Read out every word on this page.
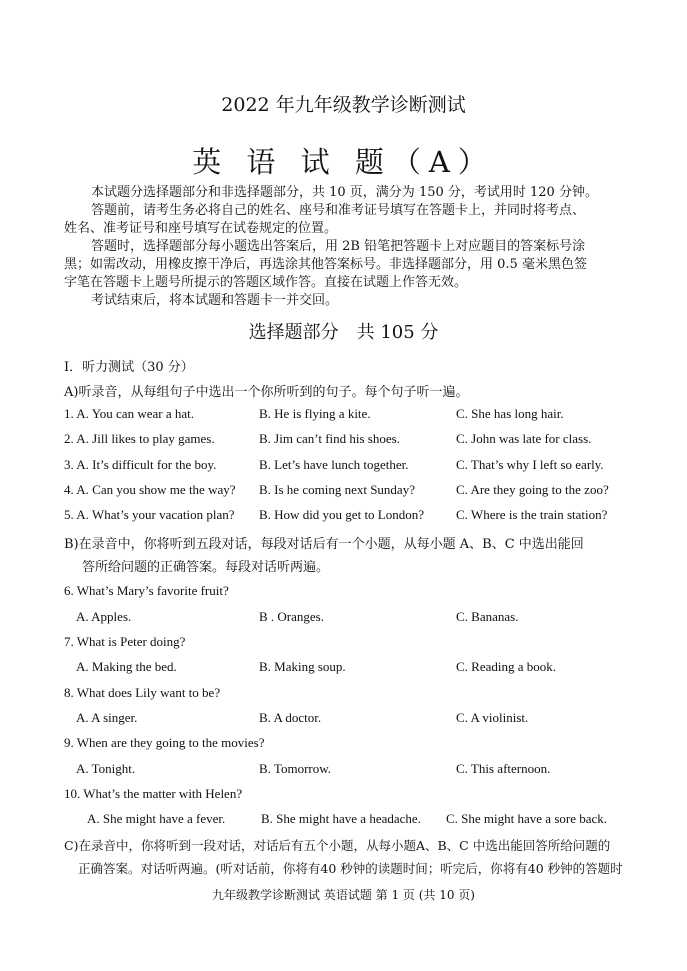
2022 年九年级教学诊断测试
英 语 试 题（A）
本试题分选择题部分和非选择题部分，共 10 页，满分为 150 分，考试用时 120 分钟。
答题前，请考生务必将自己的姓名、座号和准考证号填写在答题卡上，并同时将考点、
姓名、准考证号和座号填写在试卷规定的位置。
答题时，选择题部分每小题选出答案后，用 2B 铅笔把答题卡上对应题目的答案标号涂
黑；如需改动，用橡皮擦干净后，再选涂其他答案标号。非选择题部分，用 0.5 毫米黑色签
字笔在答题卡上题号所提示的答题区域作答。直接在试题上作答无效。
考试结束后，将本试题和答题卡一并交回。
选择题部分　共 105 分
I．听力测试（30 分）
A)听录音，从每组句子中选出一个你所听到的句子。每个句子听一遍。
1. A. You can wear a hat.	B. He is flying a kite.	C. She has long hair.
2. A. Jill likes to play games.	B. Jim can’t find his shoes.	C. John was late for class.
3. A. It’s difficult for the boy.	B. Let’s have lunch together.	C. That’s why I left so early.
4. A. Can you show me the way? B. Is he coming next Sunday?	C. Are they going to the zoo?
5. A. What’s your vacation plan? B. How did you get to London? C. Where is the train station?
B)在录音中，你将听到五段对话，每段对话后有一个小题，从每小题 A、B、C 中选出能回
答所给问题的正确答案。每段对话听两遍。
6. What’s Mary’s favorite fruit?
A. Apples.	B . Oranges.	C. Bananas.
7. What is Peter doing?
A. Making the bed.	B. Making soup.	C. Reading a book.
8. What does Lily want to be?
A. A singer.	B. A doctor.	C. A violinist.
9. When are they going to the movies?
A. Tonight.	B. Tomorrow.	C. This afternoon.
10. What’s the matter with Helen?
A. She might have a fever.	B. She might have a headache. C. She might have a sore back.
C)在录音中，你将听到一段对话，对话后有五个小题，从每小题A、B、C 中选出能回答所给问题的
正确答案。对话听两遍。(听对话前，你将有40 秒钟的读题时间；听完后，你将有40 秒钟的答题时
九年级教学诊断测试 英语试题 第 1 页 (共 10 页)
